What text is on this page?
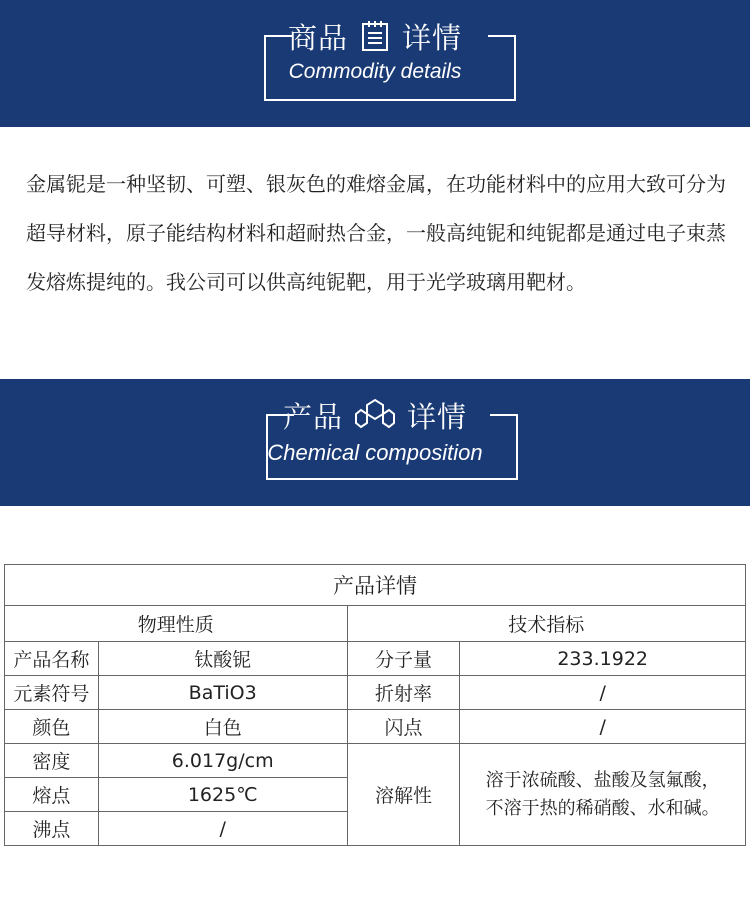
商品 详情
Commodity details
金属铌是一种坚韧、可塑、银灰色的难熔金属，在功能材料中的应用大致可分为超导材料，原子能结构材料和超耐热合金，一般高纯铌和纯铌都是通过电子束蒸发熔炼提纯的。我公司可以供高纯铌靶，用于光学玻璃用靶材。
产品 详情
Chemical composition
产品详情			
物理性质		技术指标	
产品名称	钛酸铌	分子量	233.1922
元素符号	BaTiO3	折射率	/
颜色	白色	闪点	/
密度	6.017g/cm	溶解性	溶于浓硫酸、盐酸及氢氟酸，
不溶于热的稀硝酸、水和碱。

熔点	1625℃		
沸点	/		
